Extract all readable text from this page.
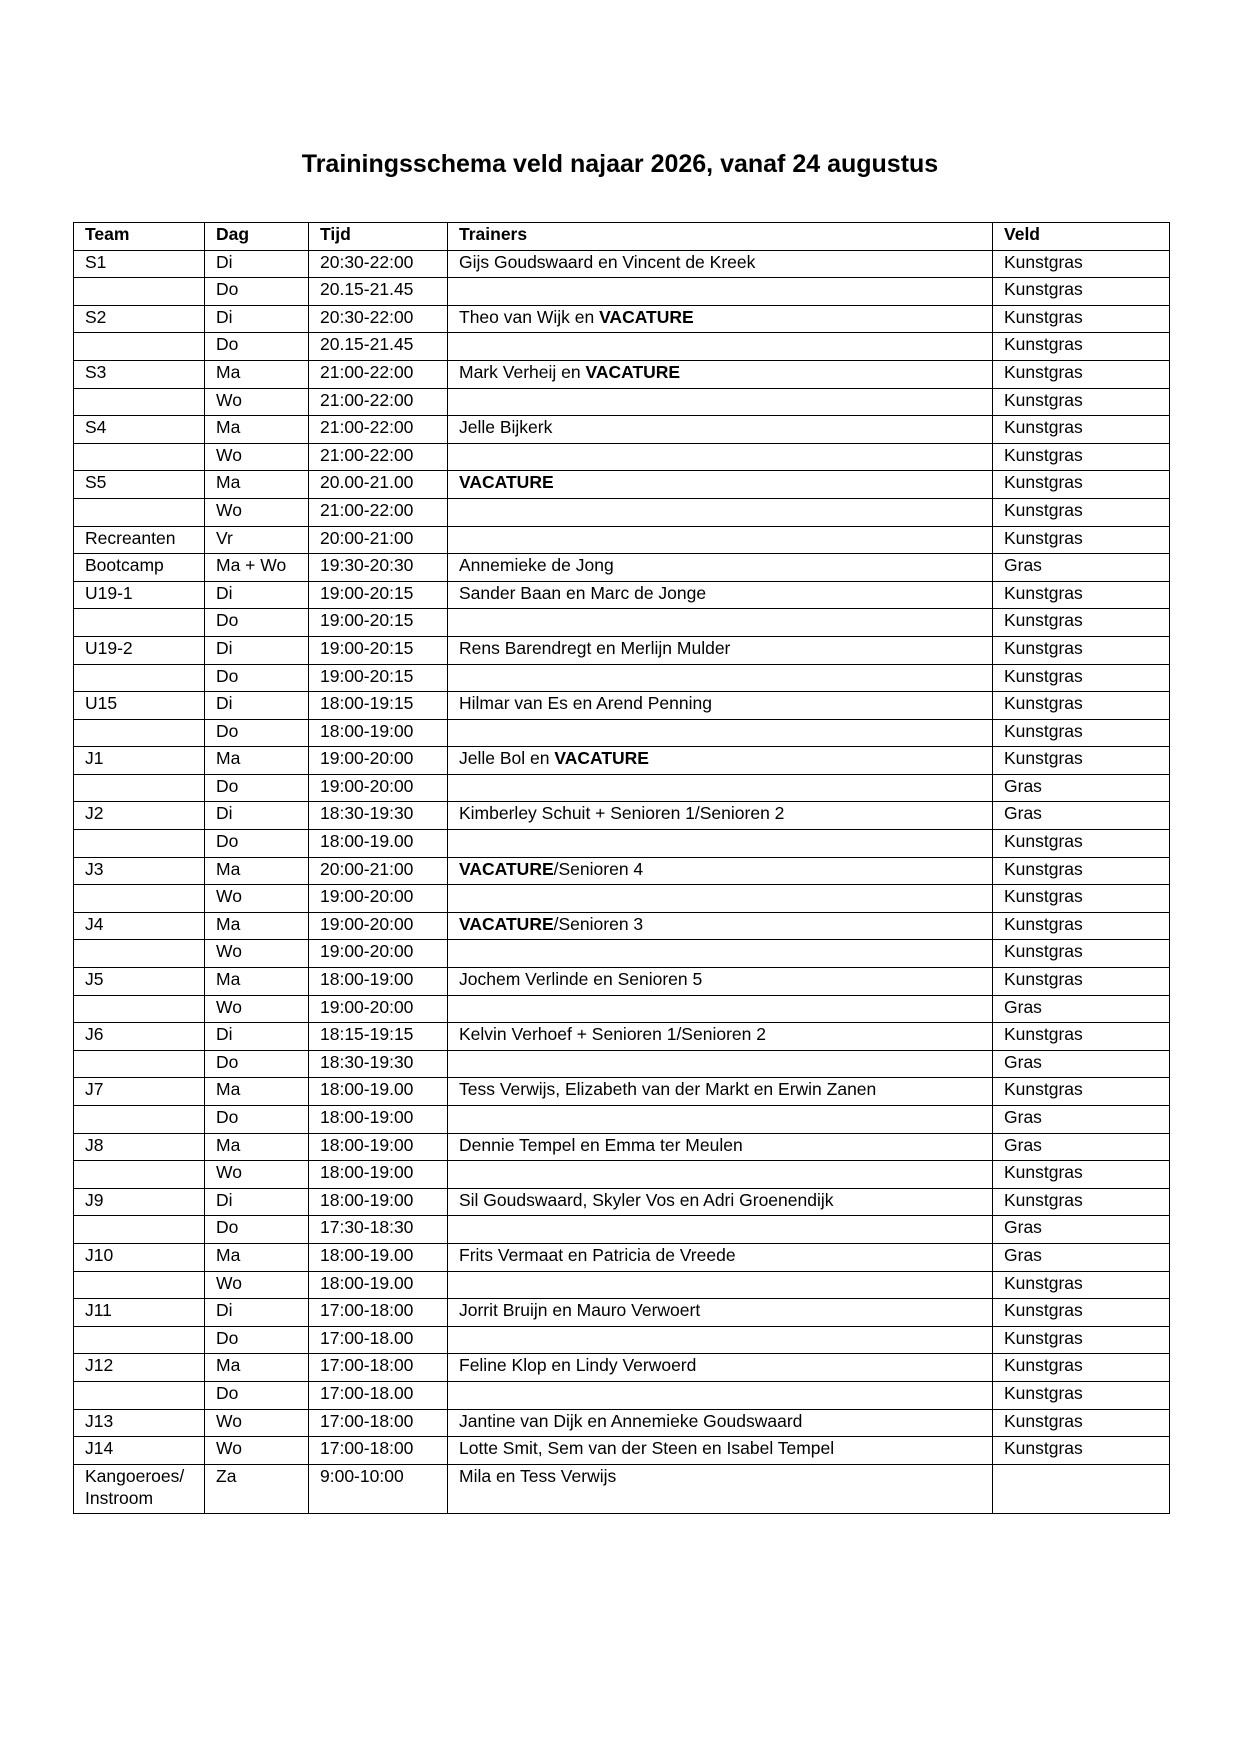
Trainingsschema veld najaar 2026, vanaf 24 augustus
Team	Dag	Tijd	Trainers	Veld
S1	Di	20:30-22:00	Gijs Goudswaard en Vincent de Kreek	Kunstgras
	Do	20.15-21.45		Kunstgras
S2	Di	20:30-22:00	Theo van Wijk en VACATURE	Kunstgras
	Do	20.15-21.45		Kunstgras
S3	Ma	21:00-22:00	Mark Verheij en VACATURE	Kunstgras
	Wo	21:00-22:00		Kunstgras
S4	Ma	21:00-22:00	Jelle Bijkerk	Kunstgras
	Wo	21:00-22:00		Kunstgras
S5	Ma	20.00-21.00	VACATURE	Kunstgras
	Wo	21:00-22:00		Kunstgras
Recreanten	Vr	20:00-21:00		Kunstgras
Bootcamp	Ma + Wo	19:30-20:30	Annemieke de Jong	Gras
U19-1	Di	19:00-20:15	Sander Baan en Marc de Jonge	Kunstgras
	Do	19:00-20:15		Kunstgras
U19-2	Di	19:00-20:15	Rens Barendregt en Merlijn Mulder	Kunstgras
	Do	19:00-20:15		Kunstgras
U15	Di	18:00-19:15	Hilmar van Es en Arend Penning	Kunstgras
	Do	18:00-19:00		Kunstgras
J1	Ma	19:00-20:00	Jelle Bol en VACATURE	Kunstgras
	Do	19:00-20:00		Gras
J2	Di	18:30-19:30	Kimberley Schuit + Senioren 1/Senioren 2	Gras
	Do	18:00-19.00		Kunstgras
J3	Ma	20:00-21:00	VACATURE/Senioren 4	Kunstgras
	Wo	19:00-20:00		Kunstgras
J4	Ma	19:00-20:00	VACATURE/Senioren 3	Kunstgras
	Wo	19:00-20:00		Kunstgras
J5	Ma	18:00-19:00	Jochem Verlinde en Senioren 5	Kunstgras
	Wo	19:00-20:00		Gras
J6	Di	18:15-19:15	Kelvin Verhoef + Senioren 1/Senioren 2	Kunstgras
	Do	18:30-19:30		Gras
J7	Ma	18:00-19.00	Tess Verwijs, Elizabeth van der Markt en Erwin Zanen	Kunstgras
	Do	18:00-19:00		Gras
J8	Ma	18:00-19:00	Dennie Tempel en Emma ter Meulen	Gras
	Wo	18:00-19:00		Kunstgras
J9	Di	18:00-19:00	Sil Goudswaard, Skyler Vos en Adri Groenendijk	Kunstgras
	Do	17:30-18:30		Gras
J10	Ma	18:00-19.00	Frits Vermaat en Patricia de Vreede	Gras
	Wo	18:00-19.00		Kunstgras
J11	Di	17:00-18:00	Jorrit Bruijn en Mauro Verwoert	Kunstgras
	Do	17:00-18.00		Kunstgras
J12	Ma	17:00-18:00	Feline Klop en Lindy Verwoerd	Kunstgras
	Do	17:00-18.00		Kunstgras
J13	Wo	17:00-18:00	Jantine van Dijk en Annemieke Goudswaard	Kunstgras
J14	Wo	17:00-18:00	Lotte Smit, Sem van der Steen en Isabel Tempel	Kunstgras
Kangoeroes/ Instroom	Za	9:00-10:00	Mila en Tess Verwijs	
